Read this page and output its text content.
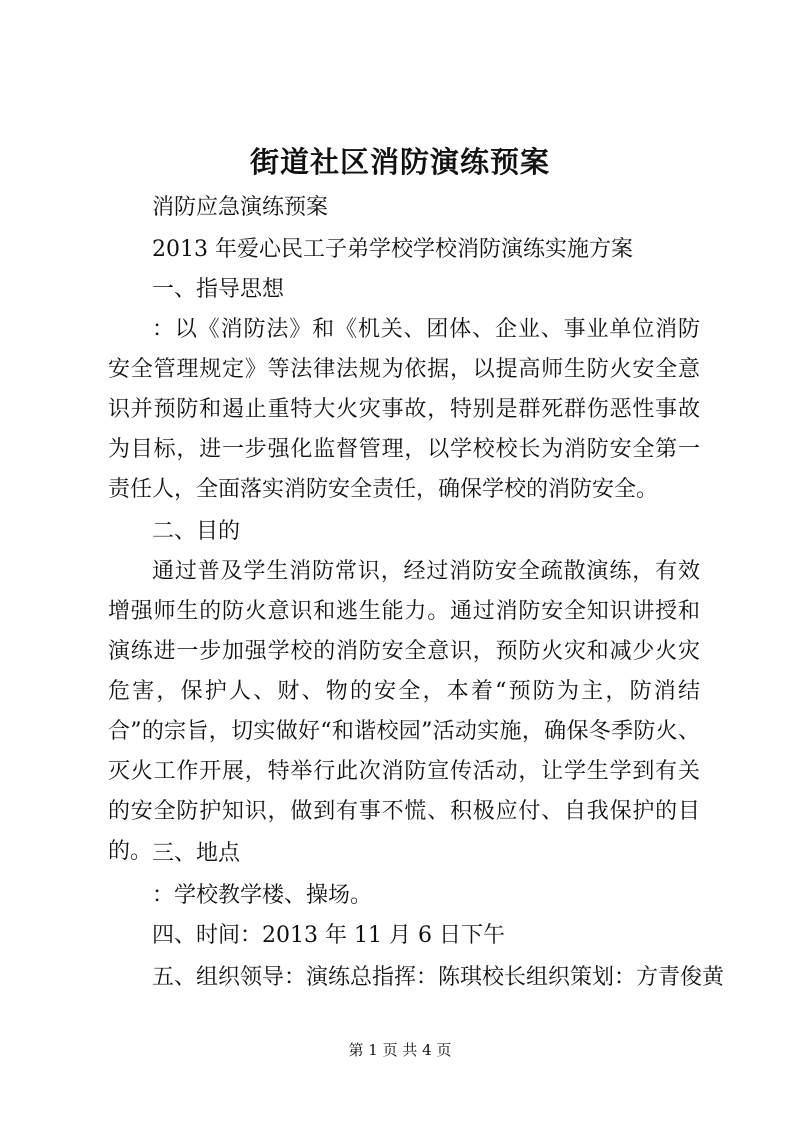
街道社区消防演练预案

消防应急演练预案

2013 年爱心民工子弟学校学校消防演练实施方案

一、指导思想

：以《消防法》和《机关、团体、企业、事业单位消防安全管理规定》等法律法规为依据，以提高师生防火安全意识并预防和遏止重特大火灾事故，特别是群死群伤恶性事故为目标，进一步强化监督管理，以学校校长为消防安全第一责任人，全面落实消防安全责任，确保学校的消防安全。

二、目的

通过普及学生消防常识，经过消防安全疏散演练，有效增强师生的防火意识和逃生能力。通过消防安全知识讲授和演练进一步加强学校的消防安全意识，预防火灾和减少火灾危害，保护人、财、物的安全，本着“预防为主，防消结合”的宗旨，切实做好“和谐校园”活动实施，确保冬季防火、灭火工作开展，特举行此次消防宣传活动，让学生学到有关的安全防护知识，做到有事不慌、积极应付、自我保护的目的。 三、地点

：学校教学楼、操场。

四、时间：2013 年 11 月 6 日下午

五、组织领导：演练总指挥：陈琪校长组织策划：方青俊黄

第 1 页 共 4 页
